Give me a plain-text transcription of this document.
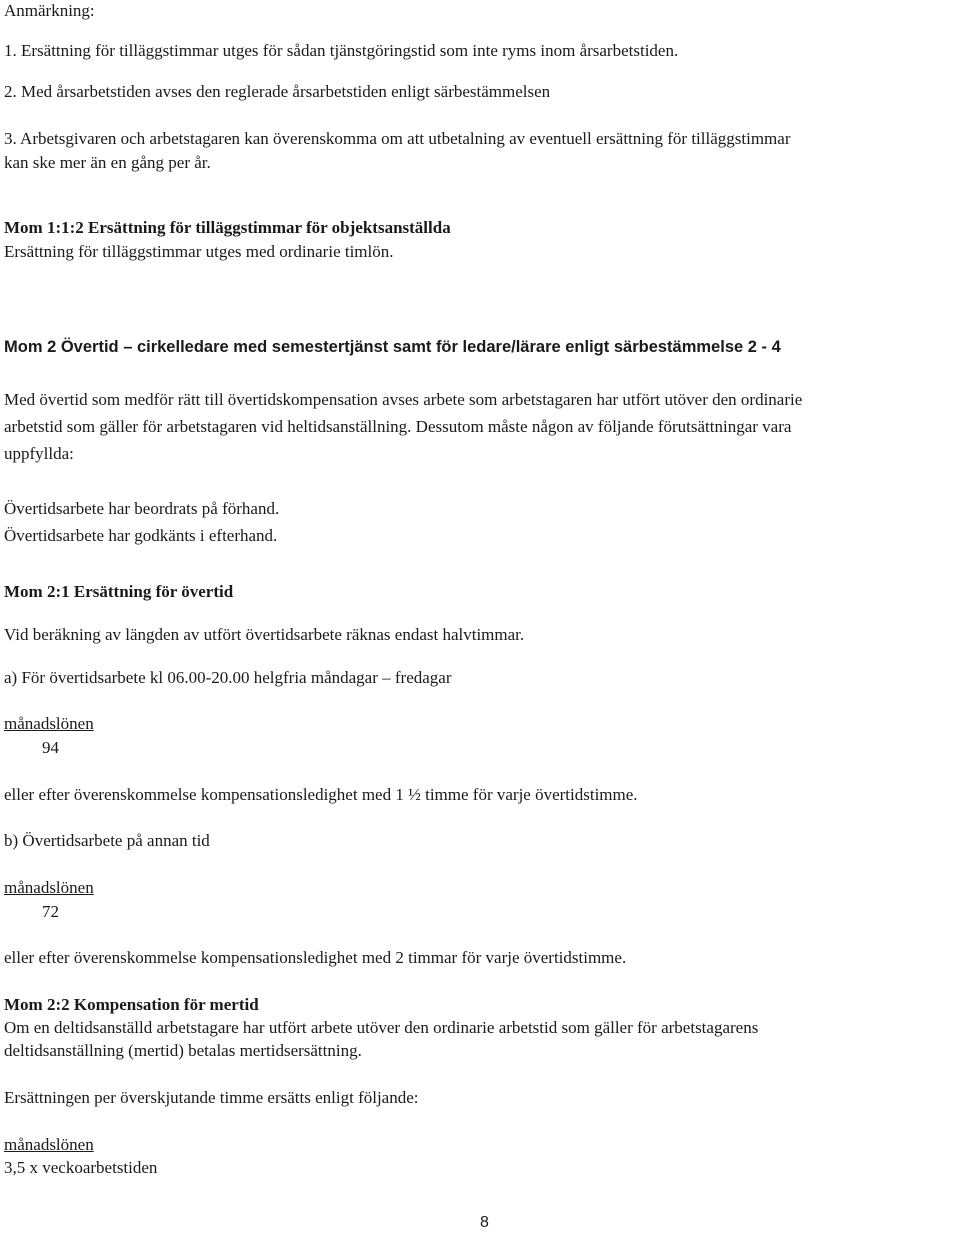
Anmärkning:
1. Ersättning för tilläggstimmar utges för sådan tjänstgöringstid som inte ryms inom årsarbetstiden.
2. Med årsarbetstiden avses den reglerade årsarbetstiden enligt särbestämmelsen
3. Arbetsgivaren och arbetstagaren kan överenskomma om att utbetalning av eventuell ersättning för tilläggstimmar
kan ske mer än en gång per år.
Mom 1:1:2 Ersättning för tilläggstimmar för objektsanställda
Ersättning för tilläggstimmar utges med ordinarie timlön.
Mom 2 Övertid – cirkelledare med semestertjänst samt för ledare/lärare enligt särbestämmelse 2 - 4
Med övertid som medför rätt till övertidskompensation avses arbete som arbetstagaren har utfört utöver den ordinarie
arbetstid som gäller för arbetstagaren vid heltidsanställning. Dessutom måste någon av följande förutsättningar vara
uppfyllda:
Övertidsarbete har beordrats på förhand.
Övertidsarbete har godkänts i efterhand.
Mom 2:1 Ersättning för övertid
Vid beräkning av längden av utfört övertidsarbete räknas endast halvtimmar.
a) För övertidsarbete kl 06.00-20.00 helgfria måndagar – fredagar
månadslönen
94
eller efter överenskommelse kompensationsledighet med 1 ½ timme för varje övertidstimme.
b) Övertidsarbete på annan tid
månadslönen
72
eller efter överenskommelse kompensationsledighet med 2 timmar för varje övertidstimme.
Mom 2:2 Kompensation för mertid
Om en deltidsanställd arbetstagare har utfört arbete utöver den ordinarie arbetstid som gäller för arbetstagarens
deltidsanställning (mertid) betalas mertidsersättning.
Ersättningen per överskjutande timme ersätts enligt följande:
månadslönen
3,5 x veckoarbetstiden
8
